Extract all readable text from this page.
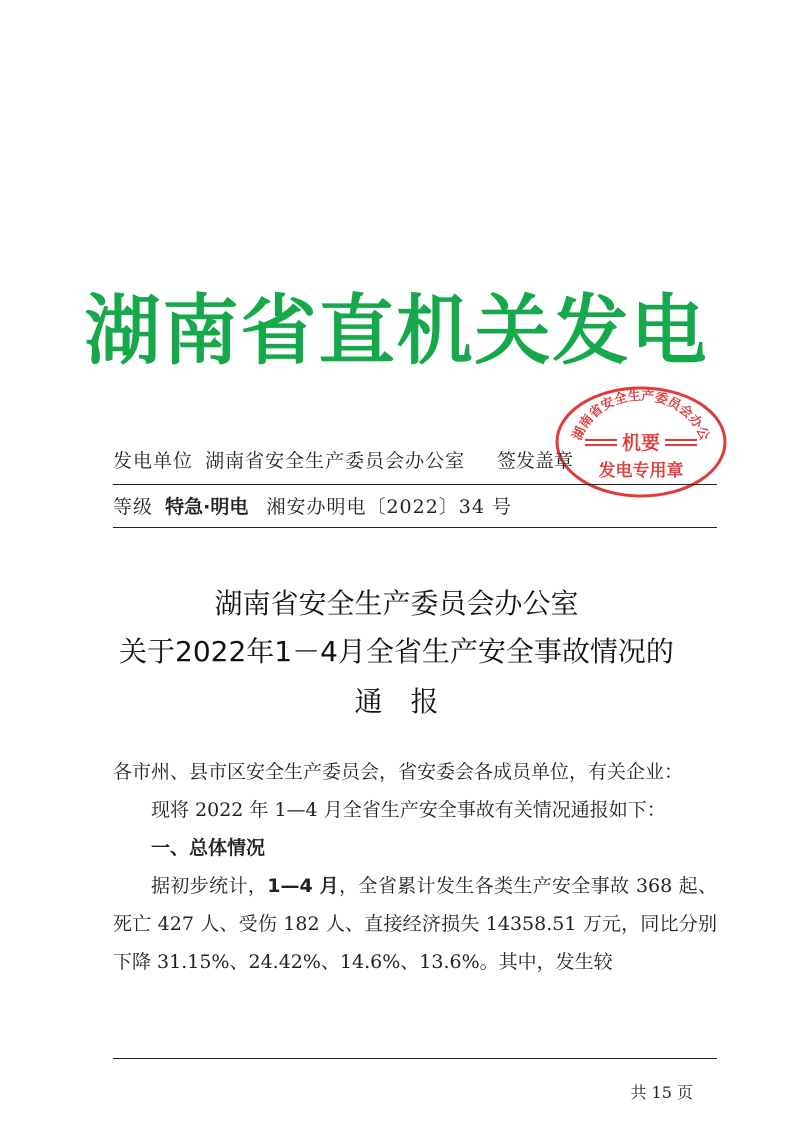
湖南省直机关发电
湖南省安全生产委员会办公
机要
发电专用章
发电单位 湖南省安全生产委员会办公室 签发盖章
等级 特急·明电 湘安办明电〔2022〕34 号
湖南省安全生产委员会办公室
关于2022年1－4月全省生产安全事故情况的
通　报

各市州、县市区安全生产委员会，省安委会各成员单位，有关企业：

现将 2022 年 1—4 月全省生产安全事故有关情况通报如下：

一、总体情况

据初步统计，1—4 月，全省累计发生各类生产安全事故 368 起、死亡 427 人、受伤 182 人、直接经济损失 14358.51 万元，同比分别下降 31.15%、24.42%、14.6%、13.6%。其中，发生较

共 15 页
